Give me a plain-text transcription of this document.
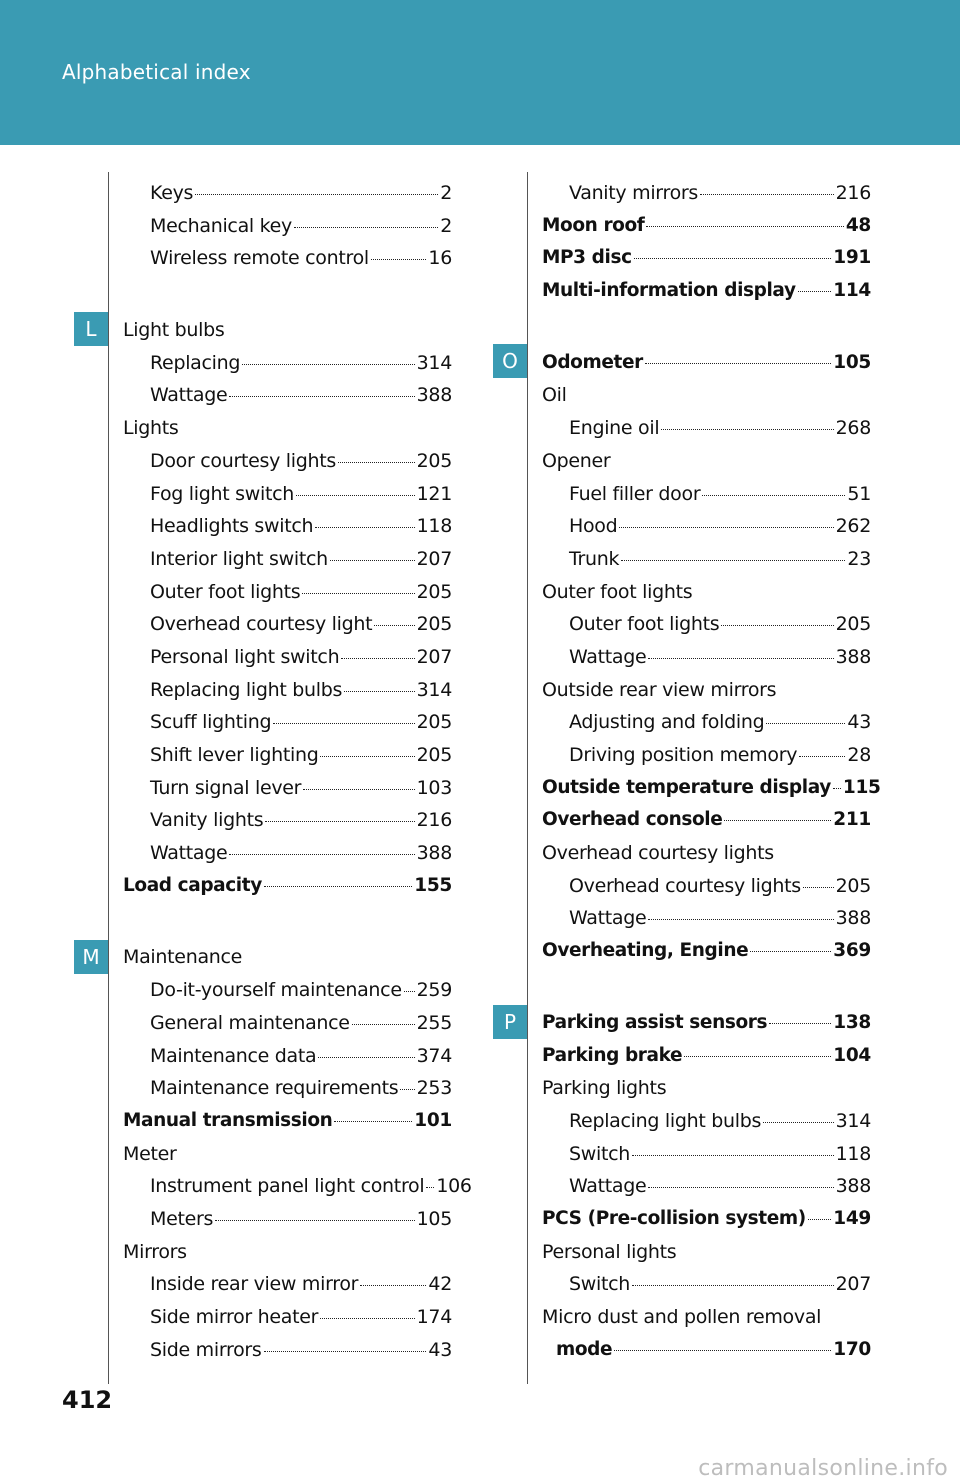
Alphabetical index
L
M
O
P
Keys	2
Mechanical key	2
Wireless remote control	16
Light bulbs
Replacing	314
Wattage	388
Lights
Door courtesy lights	205
Fog light switch	121
Headlights switch	118
Interior light switch	207
Outer foot lights	205
Overhead courtesy light 205
Personal light switch	207
Replacing light bulbs	314
Scuff lighting	205
Shift lever lighting	205
Turn signal lever	103
Vanity lights	216
Wattage	388
Load capacity	155
Maintenance
Do-it-yourself maintenance 259
General maintenance	255
Maintenance data	374
Maintenance requirements 253
Manual transmission	101
Meter
Instrument panel light control 106
Meters	105
Mirrors
Inside rear view mirror	42
Side mirror heater	174
Side mirrors	43
Vanity mirrors	216
Moon roof	48
MP3 disc	191
Multi-information display 114
Odometer	105
Oil
Engine oil	268
Opener
Fuel filler door	51
Hood	262
Trunk	23
Outer foot lights
Outer foot lights	205
Wattage	388
Outside rear view mirrors
Adjusting and folding	43
Driving position memory	28
Outside temperature display 115
Overhead console	211
Overhead courtesy lights
Overhead courtesy lights 205
Wattage	388
Overheating, Engine	369
Parking assist sensors	138
Parking brake	104
Parking lights
Replacing light bulbs	314
Switch	118
Wattage	388
PCS (Pre-collision system) 149
Personal lights
Switch	207
Micro dust and pollen removal
mode	170
412
carmanualsonline.info
